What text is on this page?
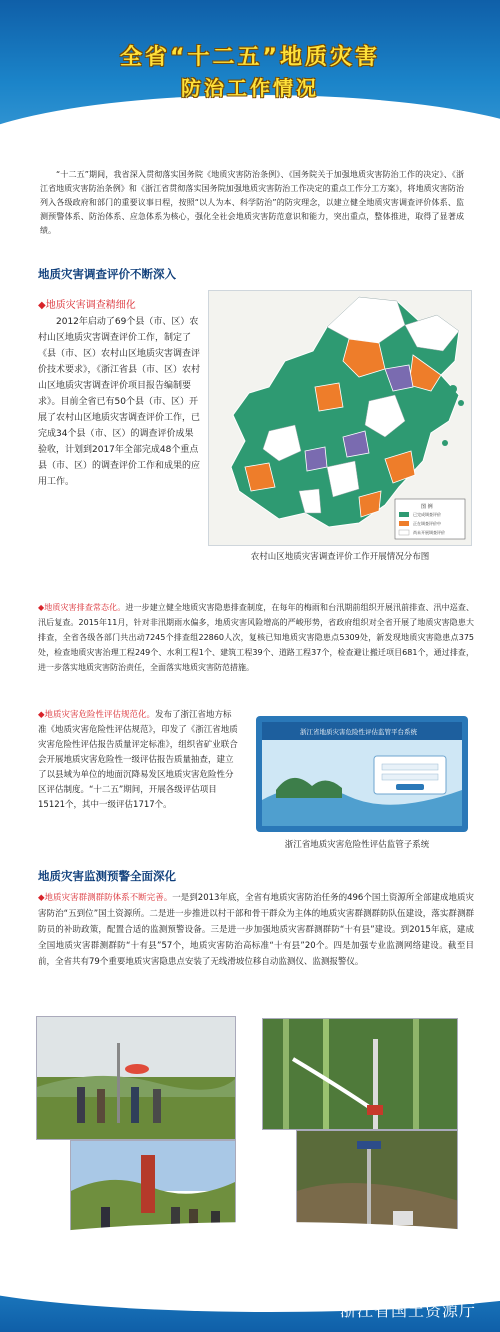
全省“十二五”地质灾害
防治工作情况

“十二五”期间，我省深入贯彻落实国务院《地质灾害防治条例》、《国务院关于加强地质灾害防治工作的决定》、《浙江省地质灾害防治条例》和《浙江省贯彻落实国务院加强地质灾害防治工作决定的重点工作分工方案》，将地质灾害防治列入各级政府和部门的重要议事日程，按照“以人为本、科学防治”的防灾理念，以建立健全地质灾害调查评价体系、监测预警体系、防治体系、应急体系为核心，强化全社会地质灾害防范意识和能力，突出重点，整体推进，取得了显著成绩。

地质灾害调查评价不断深入
◆地质灾害调查精细化
2012年启动了69个县（市、区）农村山区地质灾害调查评价工作，制定了《县（市、区）农村山区地质灾害调查评价技术要求》，《浙江省县（市、区）农村山区地质灾害调查评价项目报告编制要求》。目前全省已有50个县（市、区）开展了农村山区地质灾害调查评价工作，已完成34个县（市、区）的调查评价成果验收，计划到2017年全部完成48个重点县（市、区）的调查评价工作和成果的应用工作。
图 例
已完成调查评价
正在调查评价中
尚未开展调查评价
农村山区地质灾害调查评价工作开展情况分布图

◆地质灾害排查常态化。进一步建立健全地质灾害隐患排查制度，在每年的梅雨和台汛期前组织开展汛前排查、汛中巡查、汛后复查。2015年11月，针对非汛期雨水偏多，地质灾害风险增高的严峻形势，省政府组织对全省开展了地质灾害隐患大排查，全省各级各部门共出动7245个排查组22860人次，复核已知地质灾害隐患点5309处，新发现地质灾害隐患点375处，检查地质灾害治理工程249个、水利工程1个、建筑工程39个、道路工程37个，检查避让搬迁项目681个，通过排查，进一步落实地质灾害防治责任，全面落实地质灾害防范措施。

◆地质灾害危险性评估规范化。发布了浙江省地方标准《地质灾害危险性评估规范》，印发了《浙江省地质灾害危险性评估报告质量评定标准》，组织省矿业联合会开展地质灾害危险性一级评估报告质量抽查，建立了以县域为单位的地面沉降易发区地质灾害危险性分区评估制度。“十二五”期间，开展各级评估项目15121个，其中一级评估1717个。

浙江省地质灾害危险性评估监管平台系统
浙江省地质灾害危险性评估监管子系统
地质灾害监测预警全面深化

◆地质灾害群测群防体系不断完善。一是到2013年底，全省有地质灾害防治任务的496个国土资源所全部建成地质灾害防治“五到位”国土资源所。二是进一步推进以村干部和骨干群众为主体的地质灾害群测群防队伍建设，落实群测群防员的补助政策，配置合适的监测预警设备。三是进一步加强地质灾害群测群防“十有县”建设。到2015年底，建成全国地质灾害群测群防“十有县”57个，地质灾害防治高标准“十有县”20个。四是加强专业监测网络建设。截至目前，全省共有79个重要地质灾害隐患点安装了无线滑坡位移自动监测仪、监测报警仪。

浙江省国土资源厅
